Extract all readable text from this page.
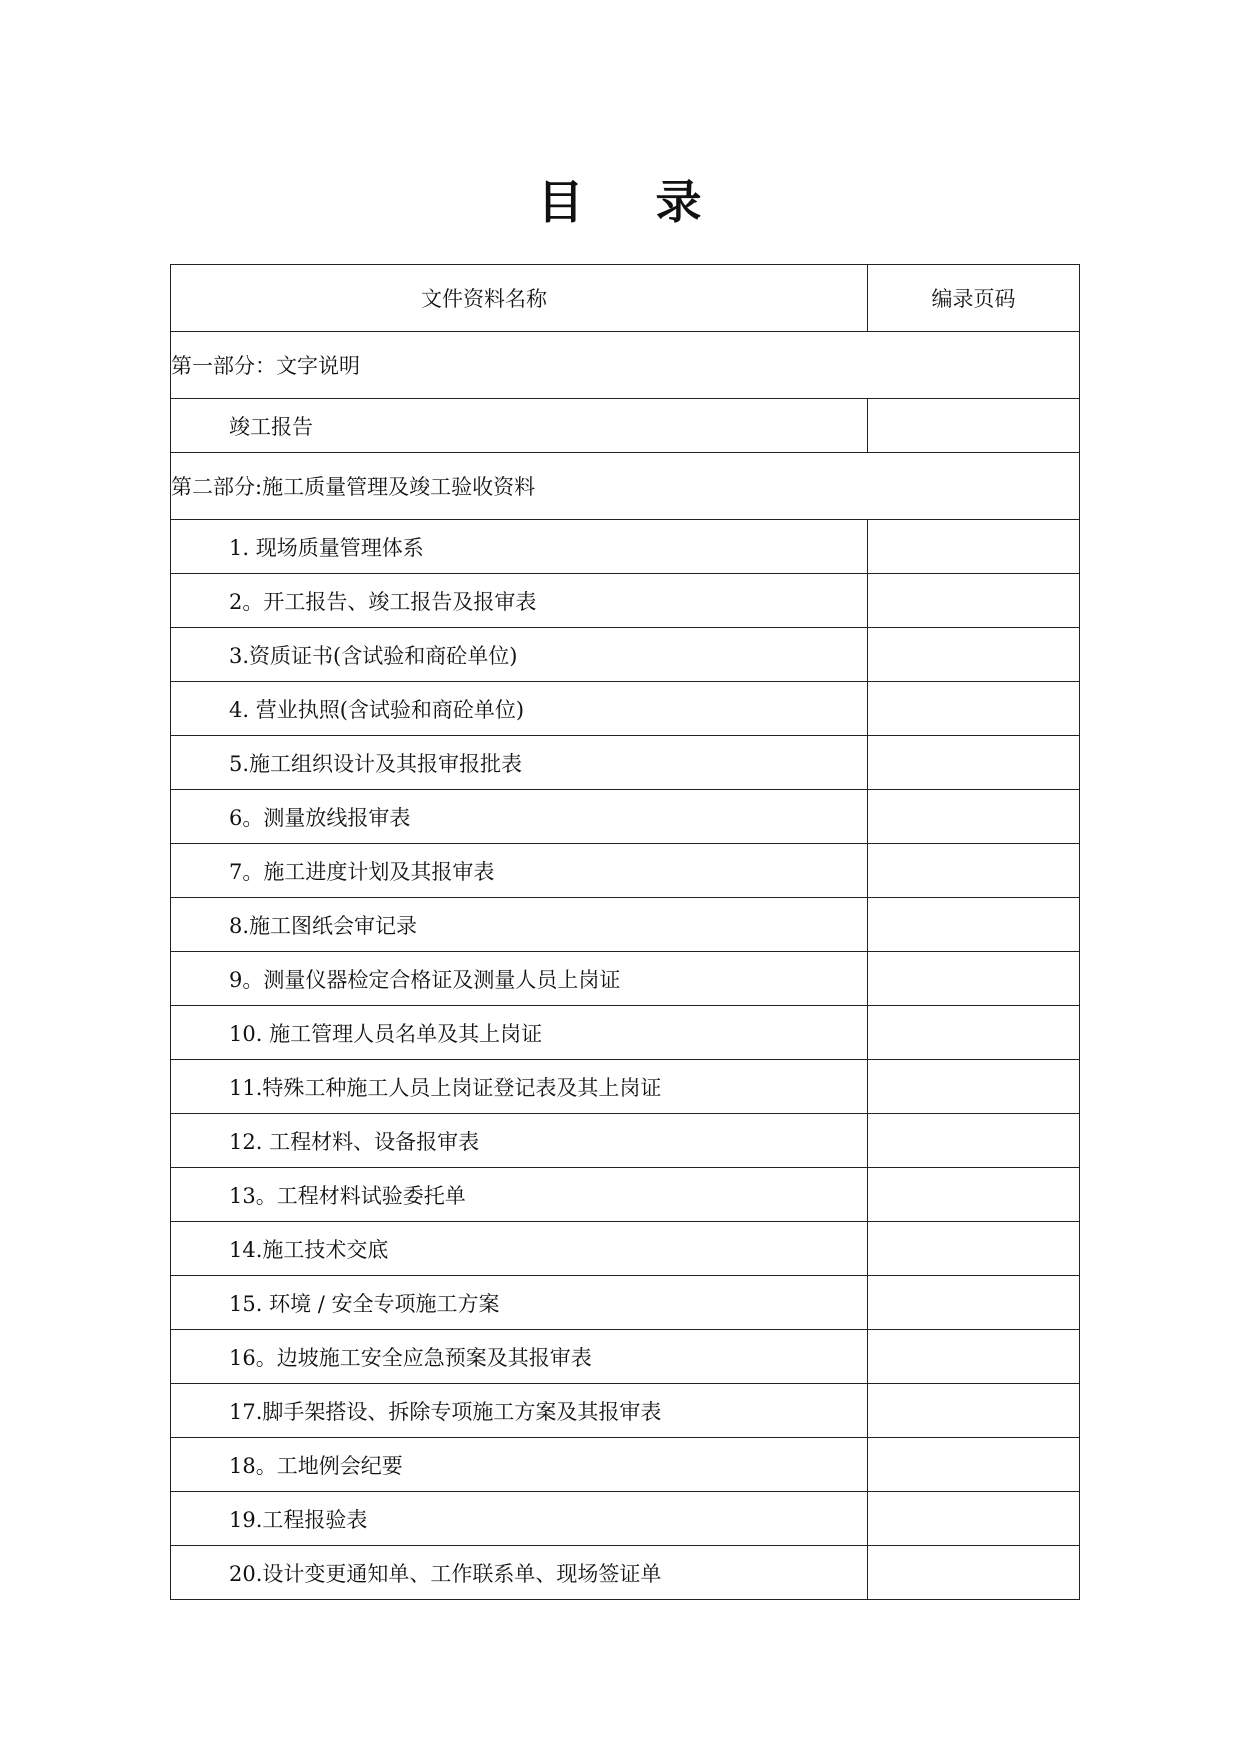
目 录
文件资料名称	编录页码
第一部分：文字说明	
竣工报告	
第二部分:施工质量管理及竣工验收资料	
1. 现场质量管理体系	
2。开工报告、竣工报告及报审表	
3.资质证书(含试验和商砼单位)	
4. 营业执照(含试验和商砼单位)	
5.施工组织设计及其报审报批表	
6。测量放线报审表	
7。施工进度计划及其报审表	
8.施工图纸会审记录	
9。测量仪器检定合格证及测量人员上岗证	
10. 施工管理人员名单及其上岗证	
11.特殊工种施工人员上岗证登记表及其上岗证	
12. 工程材料、设备报审表	
13。工程材料试验委托单	
14.施工技术交底	
15. 环境 / 安全专项施工方案	
16。边坡施工安全应急预案及其报审表	
17.脚手架搭设、拆除专项施工方案及其报审表	
18。工地例会纪要	
19.工程报验表	
20.设计变更通知单、工作联系单、现场签证单	
